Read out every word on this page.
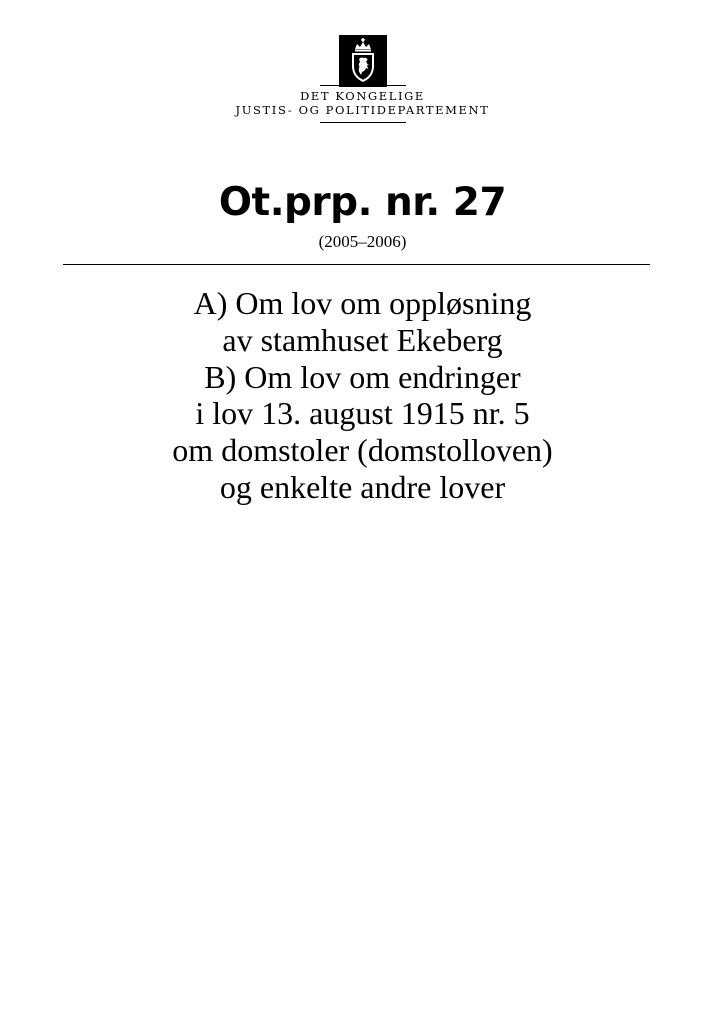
DET KONGELIGE
JUSTIS- OG POLITIDEPARTEMENT
Ot.prp. nr. 27
(2005–2006)
A) Om lov om oppløsning
av stamhuset Ekeberg
B) Om lov om endringer
i lov 13. august 1915 nr. 5
om domstoler (domstolloven)
og enkelte andre lover
